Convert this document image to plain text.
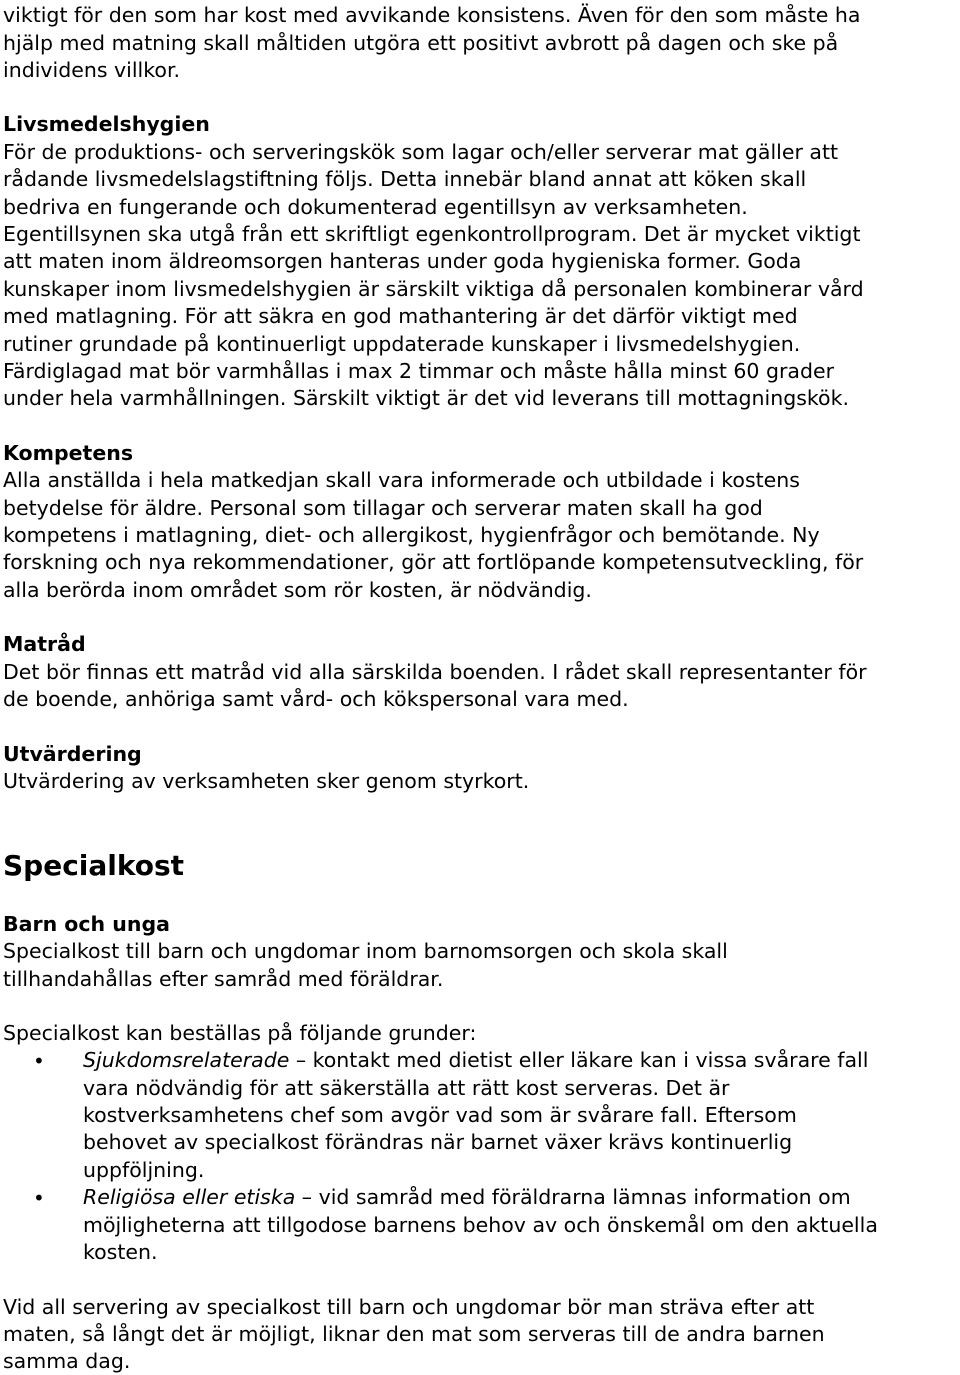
viktigt för den som har kost med avvikande konsistens. Även för den som måste ha
hjälp med matning skall måltiden utgöra ett positivt avbrott på dagen och ske på
individens villkor.
Livsmedelshygien
För de produktions- och serveringskök som lagar och/eller serverar mat gäller att
rådande livsmedelslagstiftning följs. Detta innebär bland annat att köken skall
bedriva en fungerande och dokumenterad egentillsyn av verksamheten.
Egentillsynen ska utgå från ett skriftligt egenkontrollprogram. Det är mycket viktigt
att maten inom äldreomsorgen hanteras under goda hygieniska former. Goda
kunskaper inom livsmedelshygien är särskilt viktiga då personalen kombinerar vård
med matlagning. För att säkra en god mathantering är det därför viktigt med
rutiner grundade på kontinuerligt uppdaterade kunskaper i livsmedelshygien.
Färdiglagad mat bör varmhållas i max 2 timmar och måste hålla minst 60 grader
under hela varmhållningen. Särskilt viktigt är det vid leverans till mottagningskök.
Kompetens
Alla anställda i hela matkedjan skall vara informerade och utbildade i kostens
betydelse för äldre. Personal som tillagar och serverar maten skall ha god
kompetens i matlagning, diet- och allergikost, hygienfrågor och bemötande. Ny
forskning och nya rekommendationer, gör att fortlöpande kompetensutveckling, för
alla berörda inom området som rör kosten, är nödvändig.
Matråd
Det bör finnas ett matråd vid alla särskilda boenden. I rådet skall representanter för
de boende, anhöriga samt vård- och kökspersonal vara med.
Utvärdering
Utvärdering av verksamheten sker genom styrkort.
Specialkost
Barn och unga
Specialkost till barn och ungdomar inom barnomsorgen och skola skall
tillhandahållas efter samråd med föräldrar.
Specialkost kan beställas på följande grunder:
• Sjukdomsrelaterade – kontakt med dietist eller läkare kan i vissa svårare fall
vara nödvändig för att säkerställa att rätt kost serveras. Det är
kostverksamhetens chef som avgör vad som är svårare fall. Eftersom
behovet av specialkost förändras när barnet växer krävs kontinuerlig
uppföljning.
• Religiösa eller etiska – vid samråd med föräldrarna lämnas information om
möjligheterna att tillgodose barnens behov av och önskemål om den aktuella
kosten.
Vid all servering av specialkost till barn och ungdomar bör man sträva efter att
maten, så långt det är möjligt, liknar den mat som serveras till de andra barnen
samma dag.
